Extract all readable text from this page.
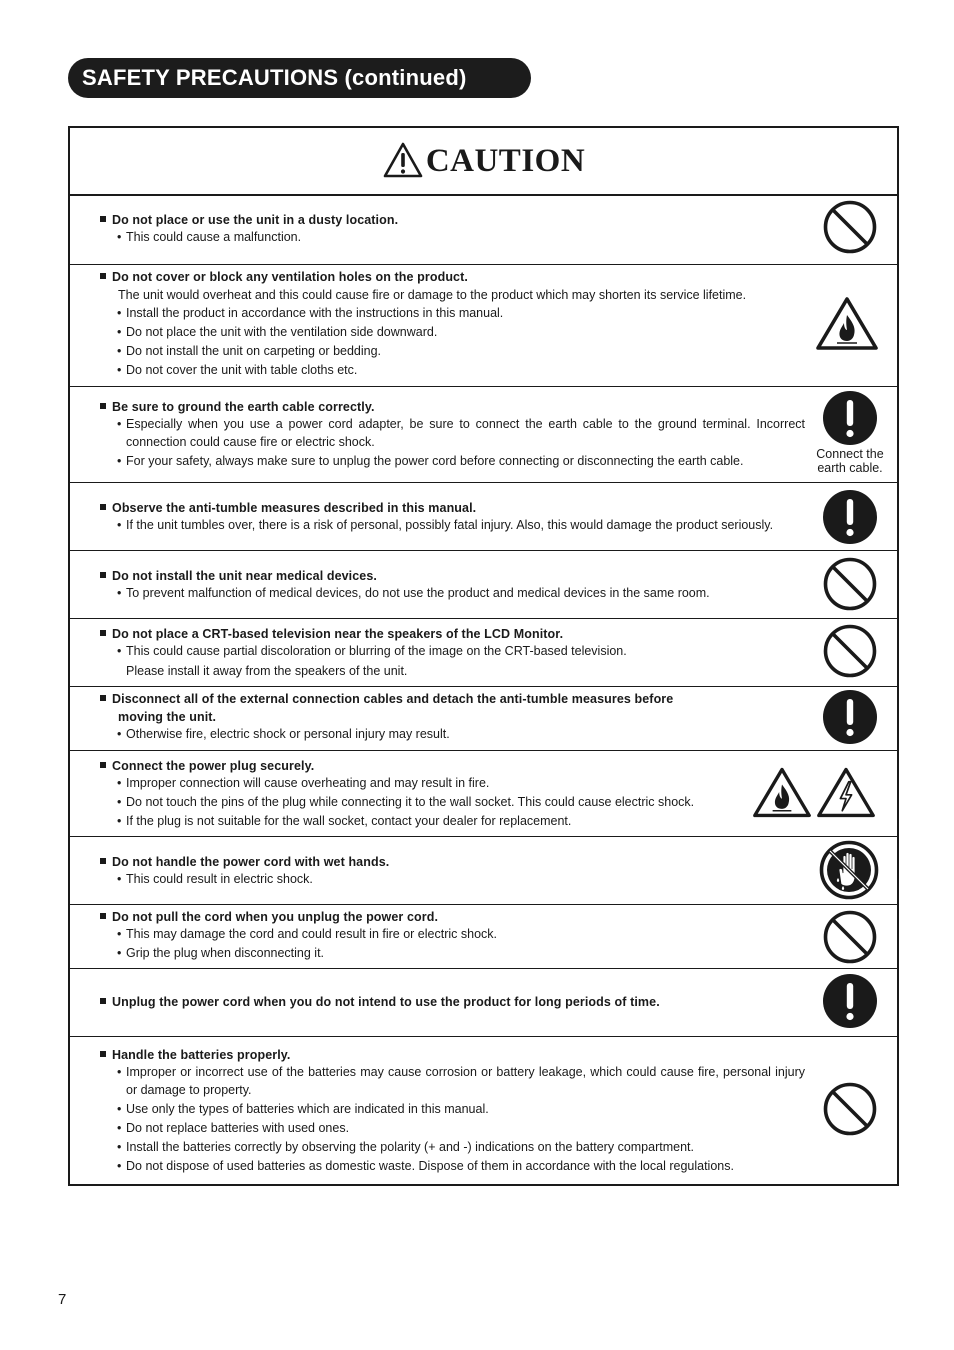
SAFETY PRECAUTIONS (continued)
CAUTION
Do not place or use the unit in a dusty location.
• This could cause a malfunction.
Do not cover or block any ventilation holes on the product.
The unit would overheat and this could cause fire or damage to the product which may shorten its service lifetime.
• Install the product in accordance with the instructions in this manual.
• Do not place the unit with the ventilation side downward.
• Do not install the unit on carpeting or bedding.
• Do not cover the unit with table cloths etc.
Be sure to ground the earth cable correctly.
• Especially when you use a power cord adapter, be sure to connect the earth cable to the ground terminal. Incorrect connection could cause fire or electric shock.
• For your safety, always make sure to unplug the power cord before connecting or disconnecting the earth cable.	Connect the earth cable.
Observe the anti-tumble measures described in this manual.
• If the unit tumbles over, there is a risk of personal, possibly fatal injury. Also, this would damage the product seriously.
Do not install the unit near medical devices.
• To prevent malfunction of medical devices, do not use the product and medical devices in the same room.
Do not place a CRT-based television near the speakers of the LCD Monitor.
• This could cause partial discoloration or blurring of the image on the CRT-based television.
Please install it away from the speakers of the unit.
Disconnect all of the external connection cables and detach the anti-tumble measures before
moving the unit.
• Otherwise fire, electric shock or personal injury may result.
Connect the power plug securely.
• Improper connection will cause overheating and may result in fire.
• Do not touch the pins of the plug while connecting it to the wall socket. This could cause electric shock.
• If the plug is not suitable for the wall socket, contact your dealer for replacement.
Do not handle the power cord with wet hands.
• This could result in electric shock.
Do not pull the cord when you unplug the power cord.
• This may damage the cord and could result in fire or electric shock.
• Grip the plug when disconnecting it.
Unplug the power cord when you do not intend to use the product for long periods of time.
Handle the batteries properly.
• Improper or incorrect use of the batteries may cause corrosion or battery leakage, which could cause fire, personal injury or damage to property.
• Use only the types of batteries which are indicated in this manual.
• Do not replace batteries with used ones.
• Install the batteries correctly by observing the polarity (+ and -) indications on the battery compartment.
• Do not dispose of used batteries as domestic waste. Dispose of them in accordance with the local regulations.
7
